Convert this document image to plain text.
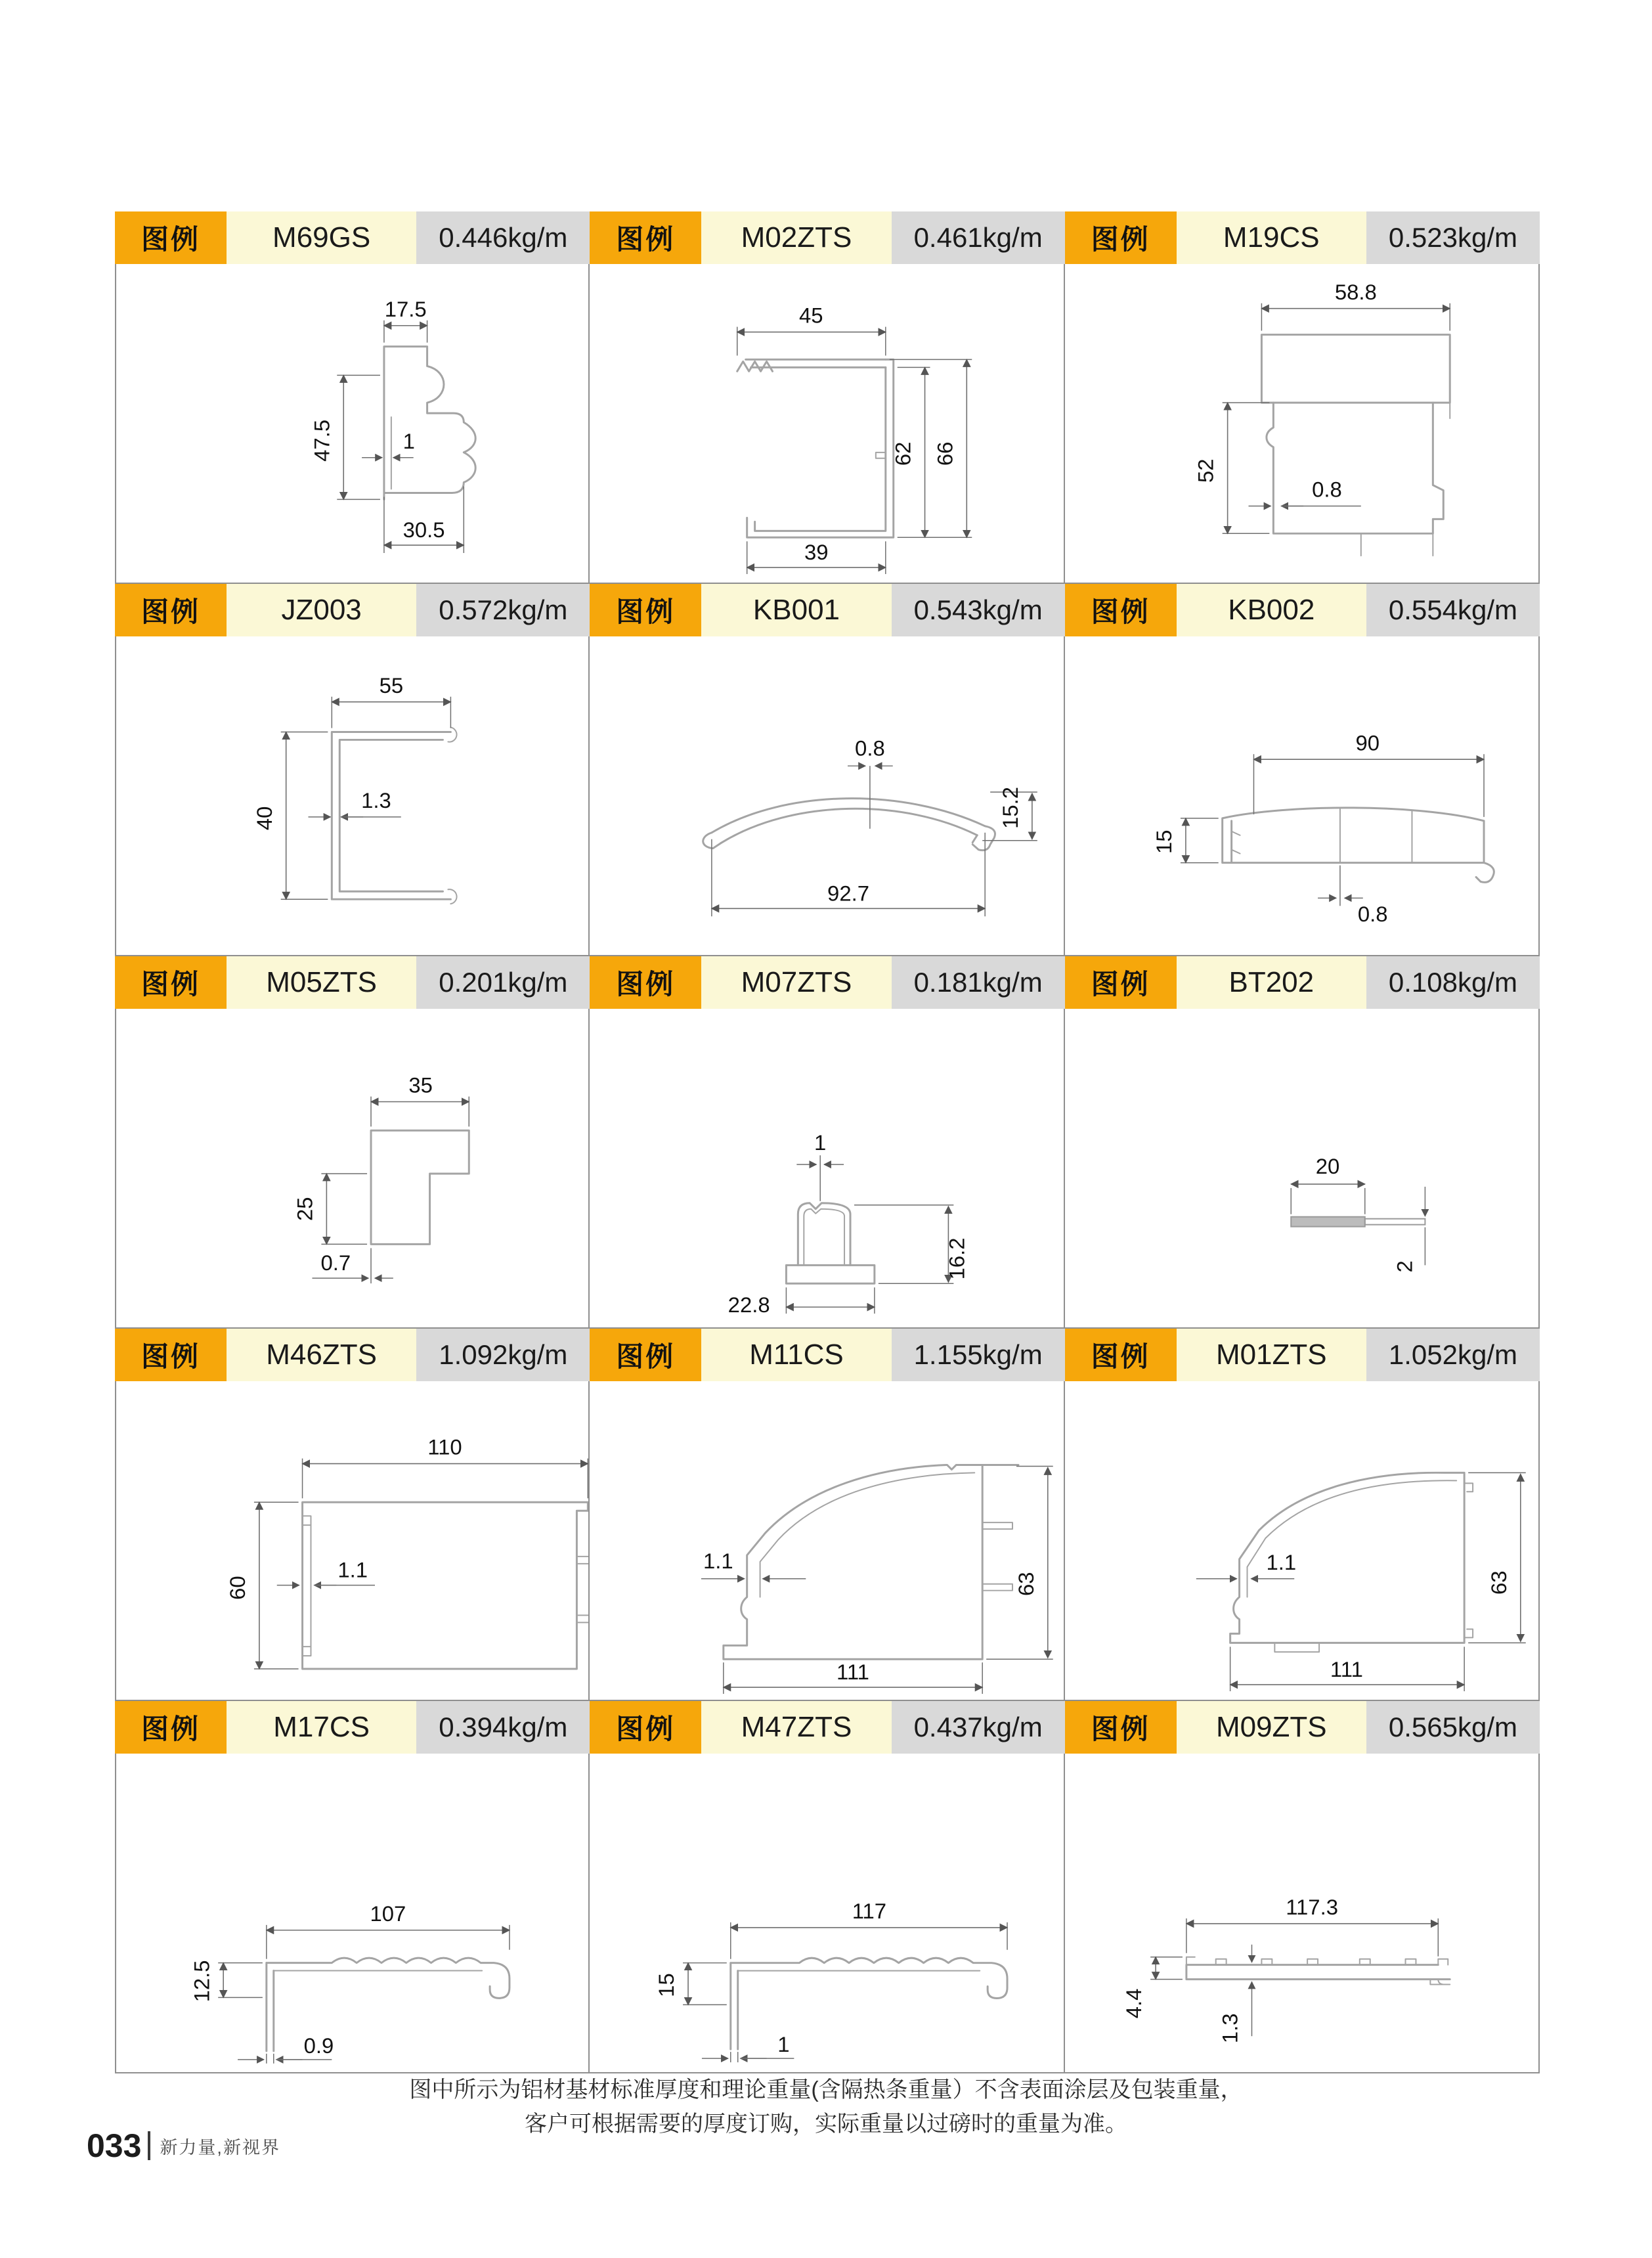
图例	M69GS	0.446kg/m
17.5
47.5	1
30.5
图例	M02ZTS	0.461kg/m
45
62 66
39
图例	M19CS	0.523kg/m
58.8
52
0.8
图例	JZ003	0.572kg/m
55
40
1.3
图例	KB001	0.543kg/m
0.8
15.2
92.7
图例	KB002	0.554kg/m
90
15
0.8
图例	M05ZTS	0.201kg/m
35
25
0.7
图例	M07ZTS	0.181kg/m
1
22.8
16.2
图例	BT202	0.108kg/m
20
2
图例	M46ZTS	1.092kg/m
110
60
1.1
图例	M11CS	1.155kg/m
1.1
63
111
图例	M01ZTS	1.052kg/m
1.1
63
111
图例	M17CS	0.394kg/m
107
12.5
0.9
图例	M47ZTS	0.437kg/m
117
15
1
图例	M09ZTS	0.565kg/m
117.3
4.4
1.3
图中所示为铝材基材标准厚度和理论重量(含隔热条重量）不含表面涂层及包装重量，
客户可根据需要的厚度订购，实际重量以过磅时的重量为准。
033 新力量,新视界
